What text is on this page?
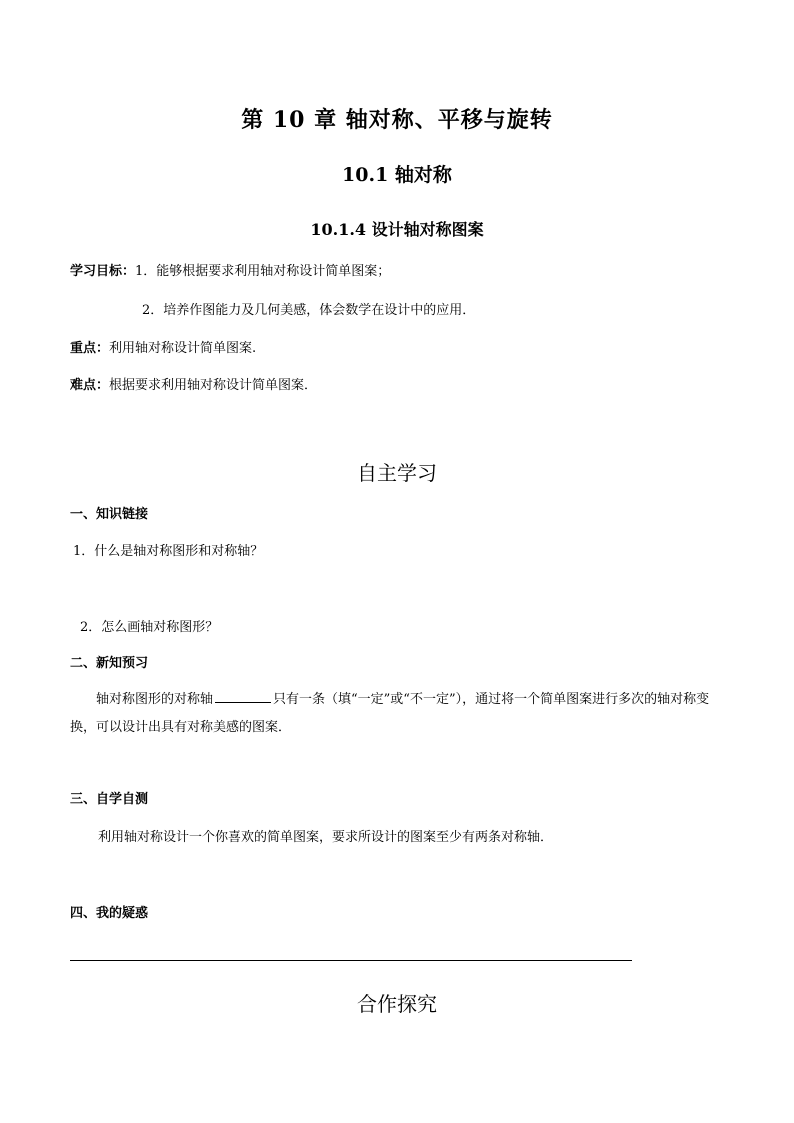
第 10 章 轴对称、平移与旋转
10.1 轴对称
10.1.4 设计轴对称图案
学习目标：1．能够根据要求利用轴对称设计简单图案；
2．培养作图能力及几何美感，体会数学在设计中的应用．
重点：利用轴对称设计简单图案.
难点：根据要求利用轴对称设计简单图案．
自主学习
一、知识链接
1．什么是轴对称图形和对称轴？
2．怎么画轴对称图形？
二、新知预习
轴对称图形的对称轴	只有一条（填“一定”或“不一定”），通过将一个简单图案进行多次的轴对称变换，可以设计出具有对称美感的图案．
三、自学自测
利用轴对称设计一个你喜欢的简单图案，要求所设计的图案至少有两条对称轴．
四、我的疑惑
合作探究
